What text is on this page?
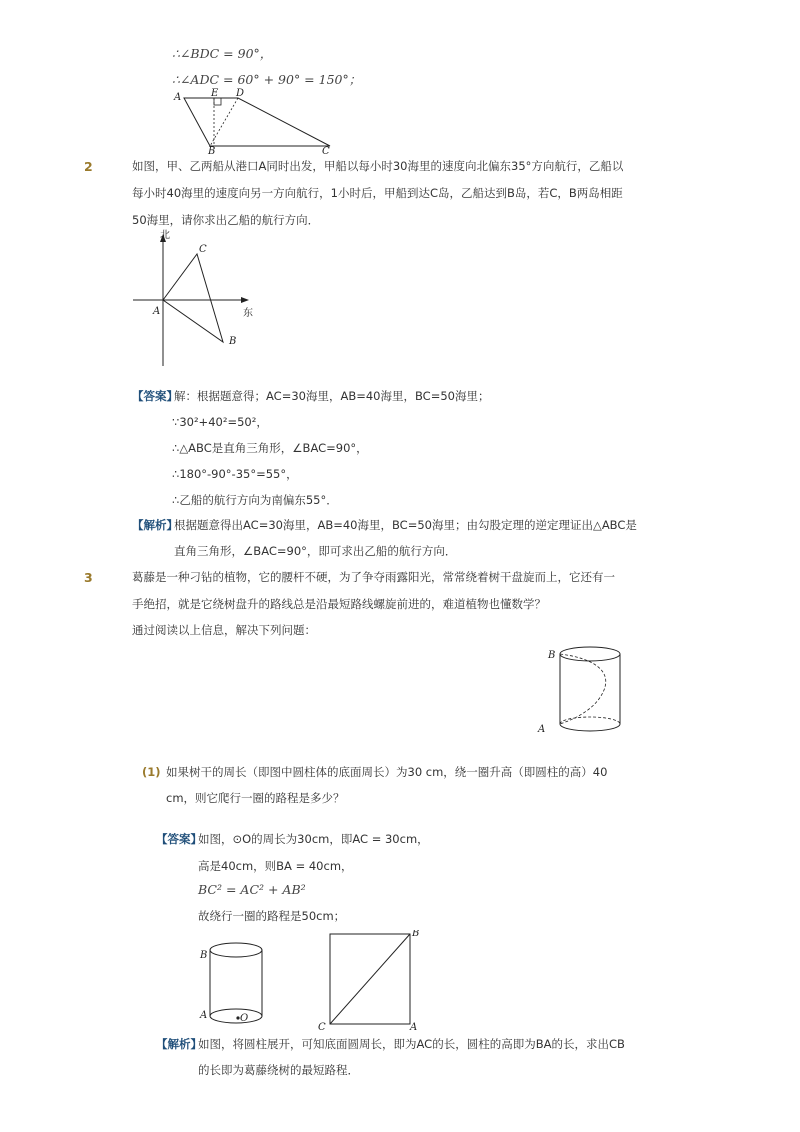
∴∠BDC = 90°，
∴∠ADC = 60° + 90° = 150°；
A	E D
B	C
2	如图，甲、乙两船从港口A同时出发，甲船以每小时30海里的速度向北偏东35°方向航行，乙船以
每小时40海里的速度向另一方向航行，1小时后，甲船到达C岛，乙船达到B岛，若C，B两岛相距
50海里，请你求出乙船的航行方向．
北
东
A
B
C
【答案】
解：根据题意得；AC=30海里，AB=40海里，BC=50海里；
∵30²+40²=50²，
∴△ABC是直角三角形，∠BAC=90°，
∴180°-90°-35°=55°，
∴乙船的航行方向为南偏东55°．
【解析】
根据题意得出AC=30海里，AB=40海里，BC=50海里；由勾股定理的逆定理证出△ABC是
直角三角形，∠BAC=90°，即可求出乙船的航行方向．
3	葛藤是一种刁钻的植物，它的腰杆不硬，为了争夺雨露阳光，常常绕着树干盘旋而上，它还有一
手绝招，就是它绕树盘升的路线总是沿最短路线螺旋前进的，难道植物也懂数学？
通过阅读以上信息，解决下列问题：
B
A
(1) 如果树干的周长（即图中圆柱体的底面周长）为30 cm，绕一圈升高（即圆柱的高）40
cm，则它爬行一圈的路程是多少？
【答案】
如图，⊙O的周长为30cm，即AC = 30cm，
高是40cm，则BA = 40cm，
BC² = AC² + AB²
故绕行一圈的路程是50cm；
B
A	O
C	A
B
【解析】
如图，将圆柱展开，可知底面圆周长，即为AC的长，圆柱的高即为BA的长，求出CB
的长即为葛藤绕树的最短路程．
